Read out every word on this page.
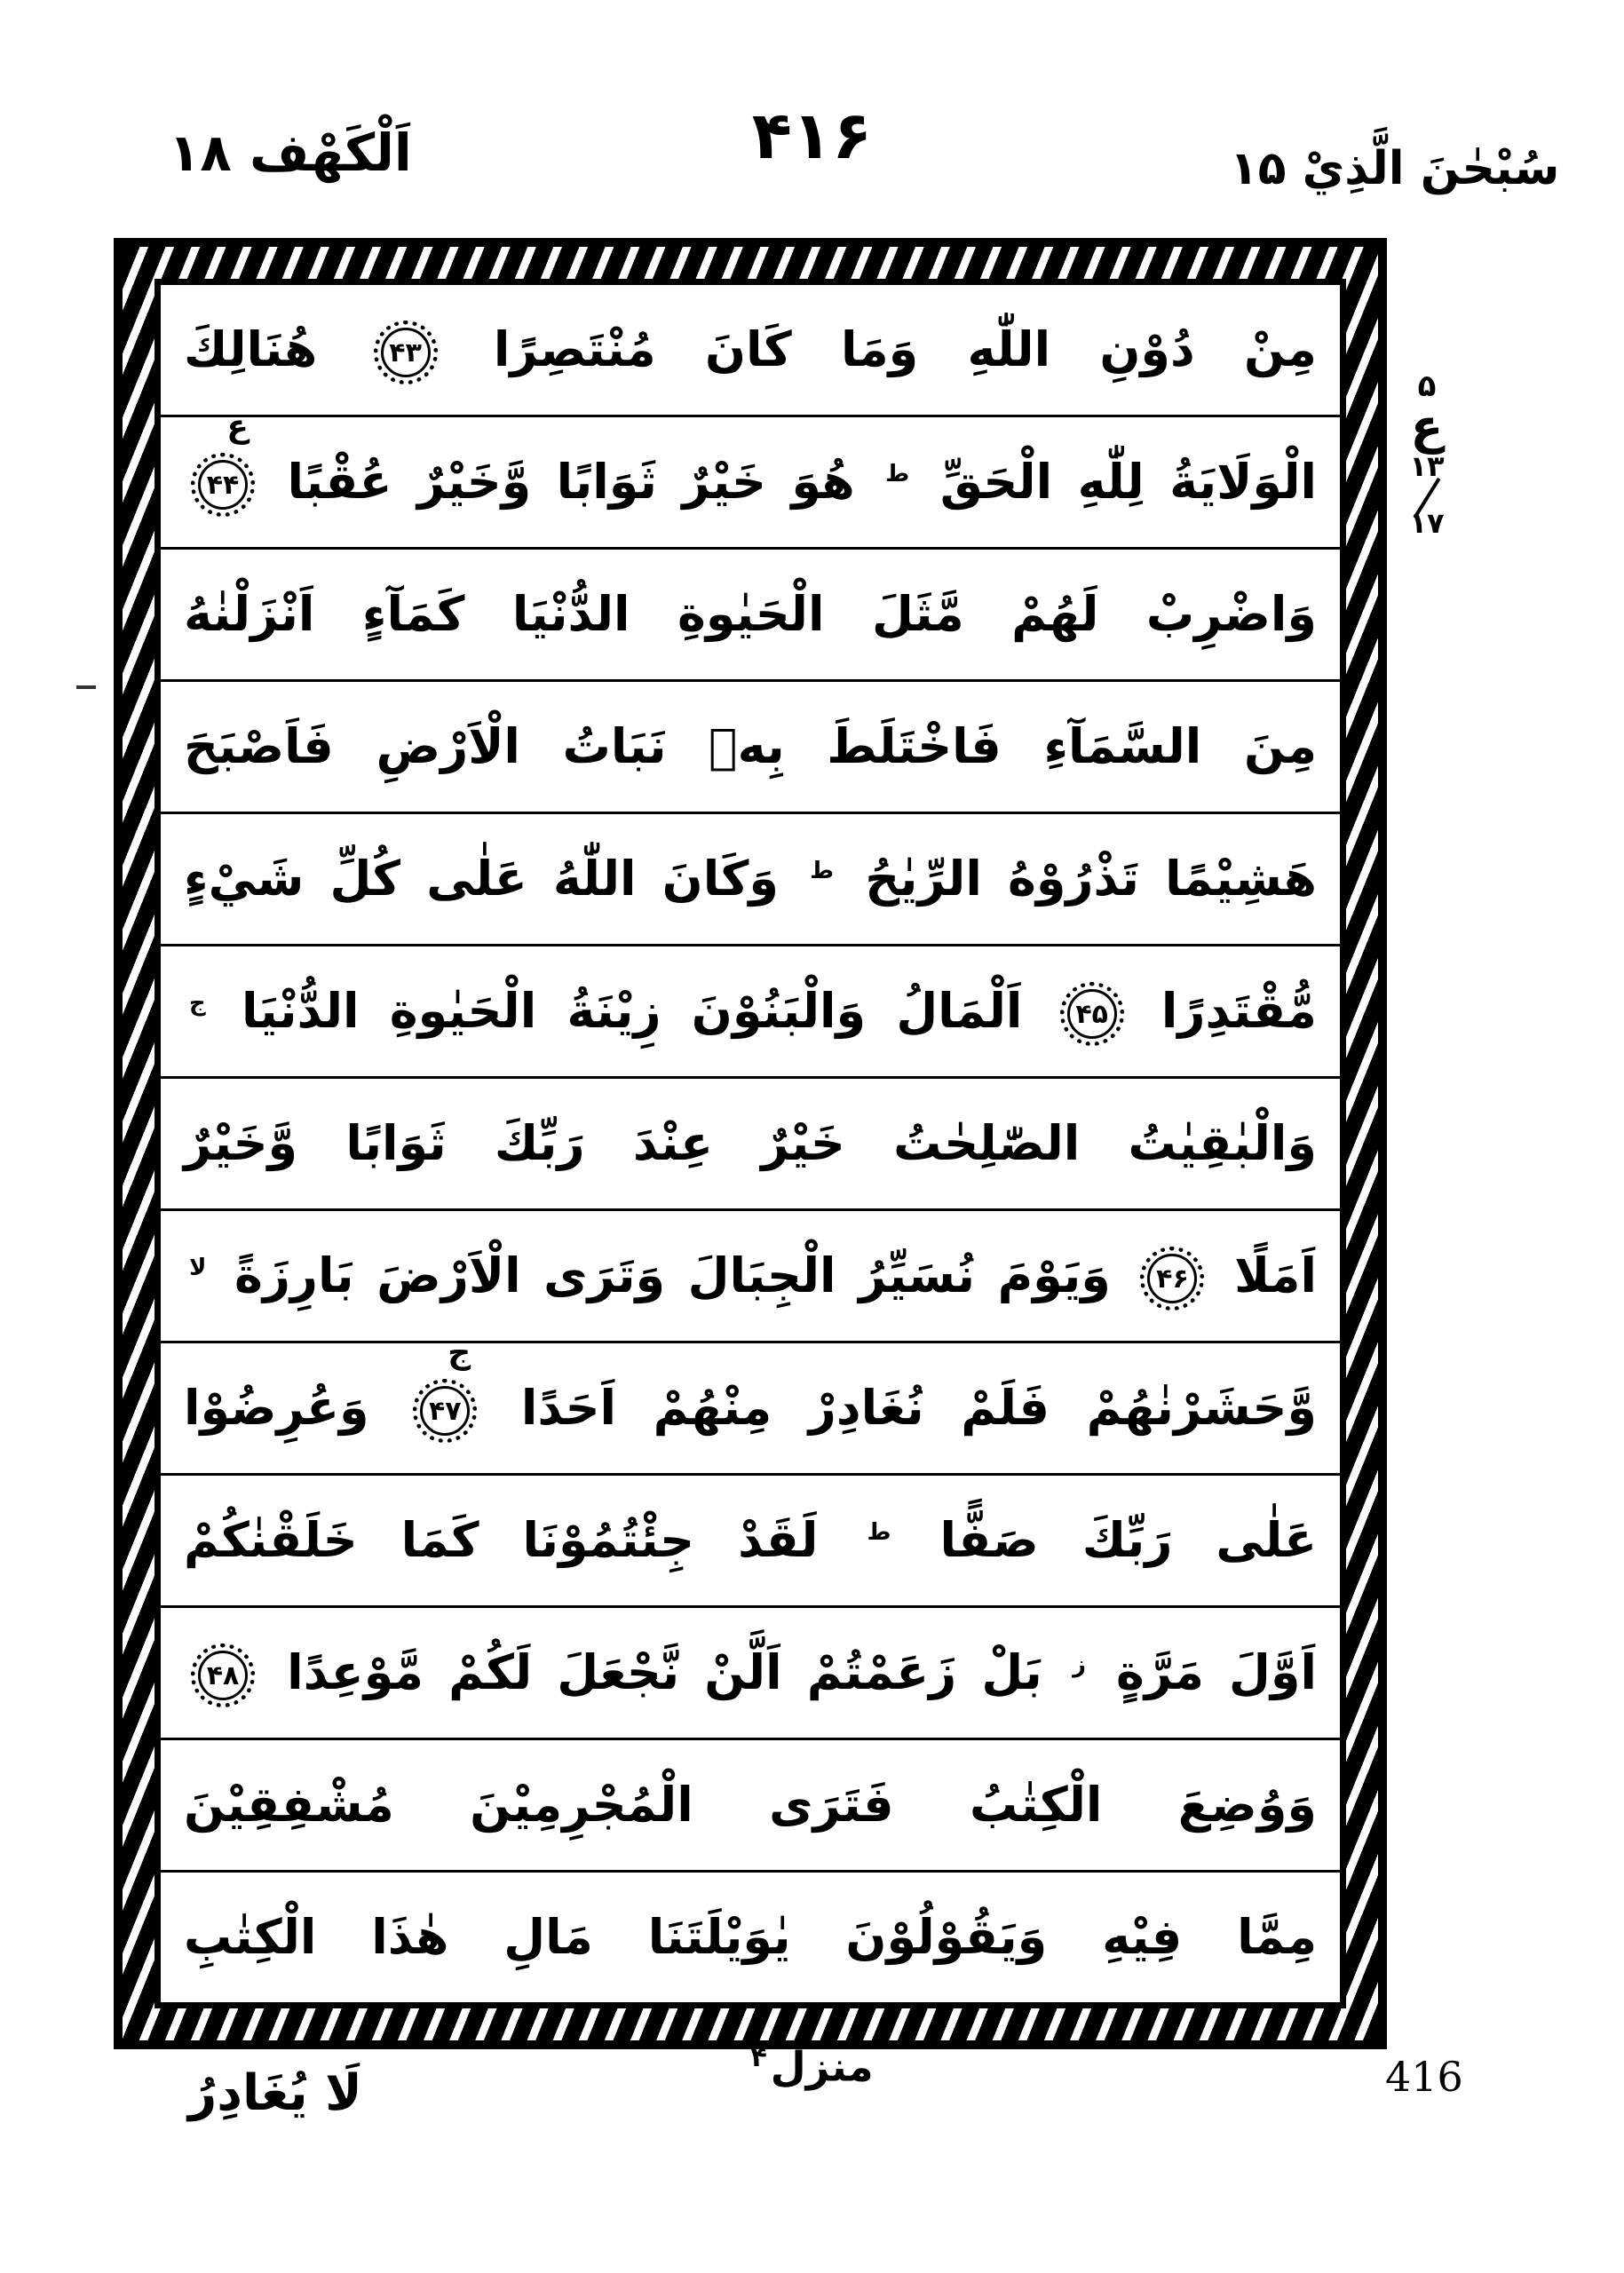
اَلْكَهْف ۱۸	۴۱۶	سُبْحٰنَ الَّذِيْ ۱۵
مِنْ دُوْنِ اللّٰهِ وَمَا كَانَ مُنْتَصِرًا
۴۳
هُنَالِكَ
الْوَلَايَةُ لِلّٰهِ الْحَقِّ ط هُوَ خَيْرٌ ثَوَابًا وَّخَيْرٌ عُقْبًا
۴۴
ع
وَاضْرِبْ لَهُمْ مَّثَلَ الْحَيٰوةِ الدُّنْيَا كَمَآءٍ اَنْزَلْنٰهُ
مِنَ السَّمَآءِ فَاخْتَلَطَ بِهٖ نَبَاتُ الْاَرْضِ فَاَصْبَحَ
هَشِيْمًا تَذْرُوْهُ الرِّيٰحُ ط وَكَانَ اللّٰهُ عَلٰى كُلِّ شَيْءٍ
مُّقْتَدِرًا
۴۵
اَلْمَالُ وَالْبَنُوْنَ زِيْنَةُ الْحَيٰوةِ الدُّنْيَا ج
وَالْبٰقِيٰتُ الصّٰلِحٰتُ خَيْرٌ عِنْدَ رَبِّكَ ثَوَابًا وَّخَيْرٌ
اَمَلًا
۴۶
وَيَوْمَ نُسَيِّرُ الْجِبَالَ وَتَرَى الْاَرْضَ بَارِزَةً لا
وَّحَشَرْنٰهُمْ فَلَمْ نُغَادِرْ مِنْهُمْ اَحَدًا
۴۷
ج
وَعُرِضُوْا
عَلٰى رَبِّكَ صَفًّا ط لَقَدْ جِئْتُمُوْنَا كَمَا خَلَقْنٰكُمْ
اَوَّلَ مَرَّةٍ ز بَلْ زَعَمْتُمْ اَلَّنْ نَّجْعَلَ لَكُمْ مَّوْعِدًا
۴۸
وَوُضِعَ الْكِتٰبُ فَتَرَى الْمُجْرِمِيْنَ مُشْفِقِيْنَ
مِمَّا فِيْهِ وَيَقُوْلُوْنَ يٰوَيْلَتَنَا مَالِ هٰذَا الْكِتٰبِ
۵
ع
۱۳
۱۷
لَا يُغَادِرُ	منزل$^۴$	416
